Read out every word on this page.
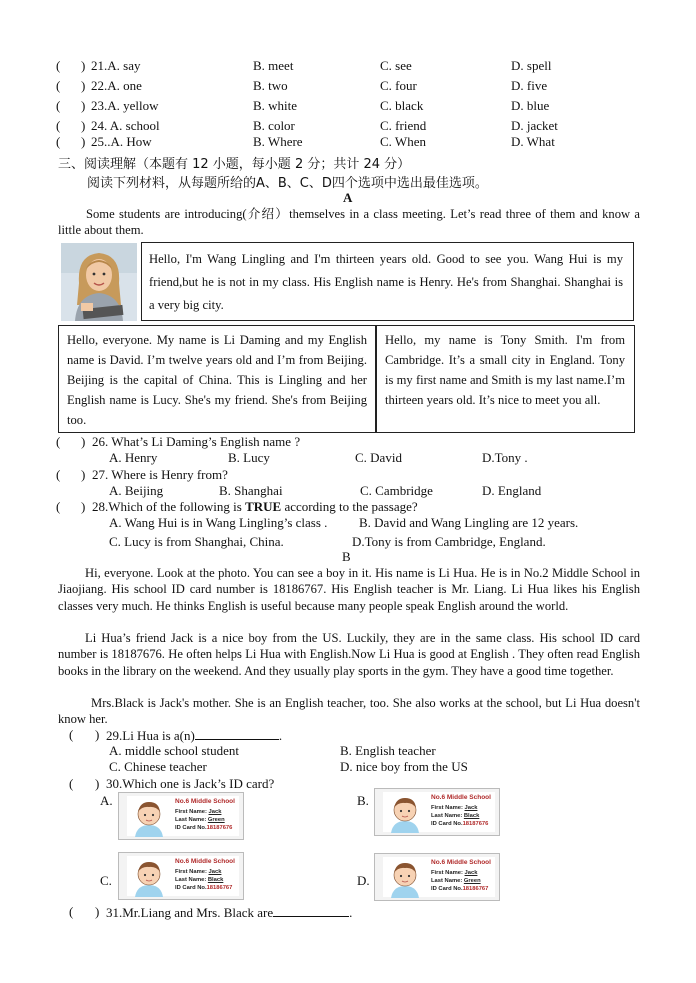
( ) 21.A. say	B. meet	C. see	D. spell
( ) 22.A. one	B. two	C. four	D. five
( ) 23.A. yellow	B. white	C. black	D. blue
( ) 24. A. school	B. color	C. friend	D. jacket
( ) 25..A. How	B. Where	C. When	D. What
三、阅读理解（本题有 12 小题，每小题 2 分；共计 24 分）
阅读下列材料，从每题所给的A、B、C、D四个选项中选出最佳选项。
A
Some students are introducing(介绍）themselves in a class meeting. Let’s read three of them and know a little about them.
Hello, I'm Wang Lingling and I'm thirteen years old. Good to see you. Wang Hui is my friend,but he is not in my class. His English name is Henry. He's from Shanghai. Shanghai is a very big city.
Hello, everyone. My name is Li Daming and my English name is David. I’m twelve years old and I’m from Beijing. Beijing is the capital of China. This is Lingling and her English name is Lucy. She's my friend. She's from Beijing too.
Hello, my name is Tony Smith. I'm from Cambridge. It’s a small city in England. Tony is my first name and Smith is my last name.I’m thirteen years old. It’s nice to meet you all.
( ) 26. What’s Li Daming’s English name ?
A. Henry	B. Lucy	C. David	D.Tony .
( ) 27. Where is Henry from?
A. Beijing	B. Shanghai	C. Cambridge	D. England
( ) 28.Which of the following is TRUE according to the passage?
A. Wang Hui is in Wang Lingling’s class . B. David and Wang Lingling are 12 years.
C. Lucy is from Shanghai, China.	D.Tony is from Cambridge, England.
B
Hi, everyone. Look at the photo. You can see a boy in it. His name is Li Hua. He is in No.2 Middle School in Jiaojiang. His school ID card number is 18186767. His English teacher is Mr. Liang. Li Hua likes his English classes very much. He thinks English is useful because many people speak English around the world.
Li Hua’s friend Jack is a nice boy from the US. Luckily, they are in the same class. His school ID card number is 18187676. He often helps Li Hua with English.Now Li Hua is good at English . They often read English books in the library on the weekend. And they usually play sports in the gym. They have a good time together.
Mrs.Black is Jack's mother. She is an English teacher, too. She also works at the school, but Li Hua doesn't know her.
( ) 29.Li Hua is a(n)	.
A. middle school student	B. English teacher
C. Chinese teacher	D. nice boy from the US
( ) 30.Which one is Jack’s ID card?
A.	No.6 Middle School
First Name: Jack
Last Name: Green
ID Card No.18187676
B.	No.6 Middle School
First Name: Jack
Last Name: Black
ID Card No.18187676
C.
No.6 Middle School
First Name: Jack
Last Name: Black
ID Card No.18186767	D.
No.6 Middle School
First Name: Jack
Last Name: Green
ID Card No.18186767
( ) 31.Mr.Liang and Mrs. Black are	.
